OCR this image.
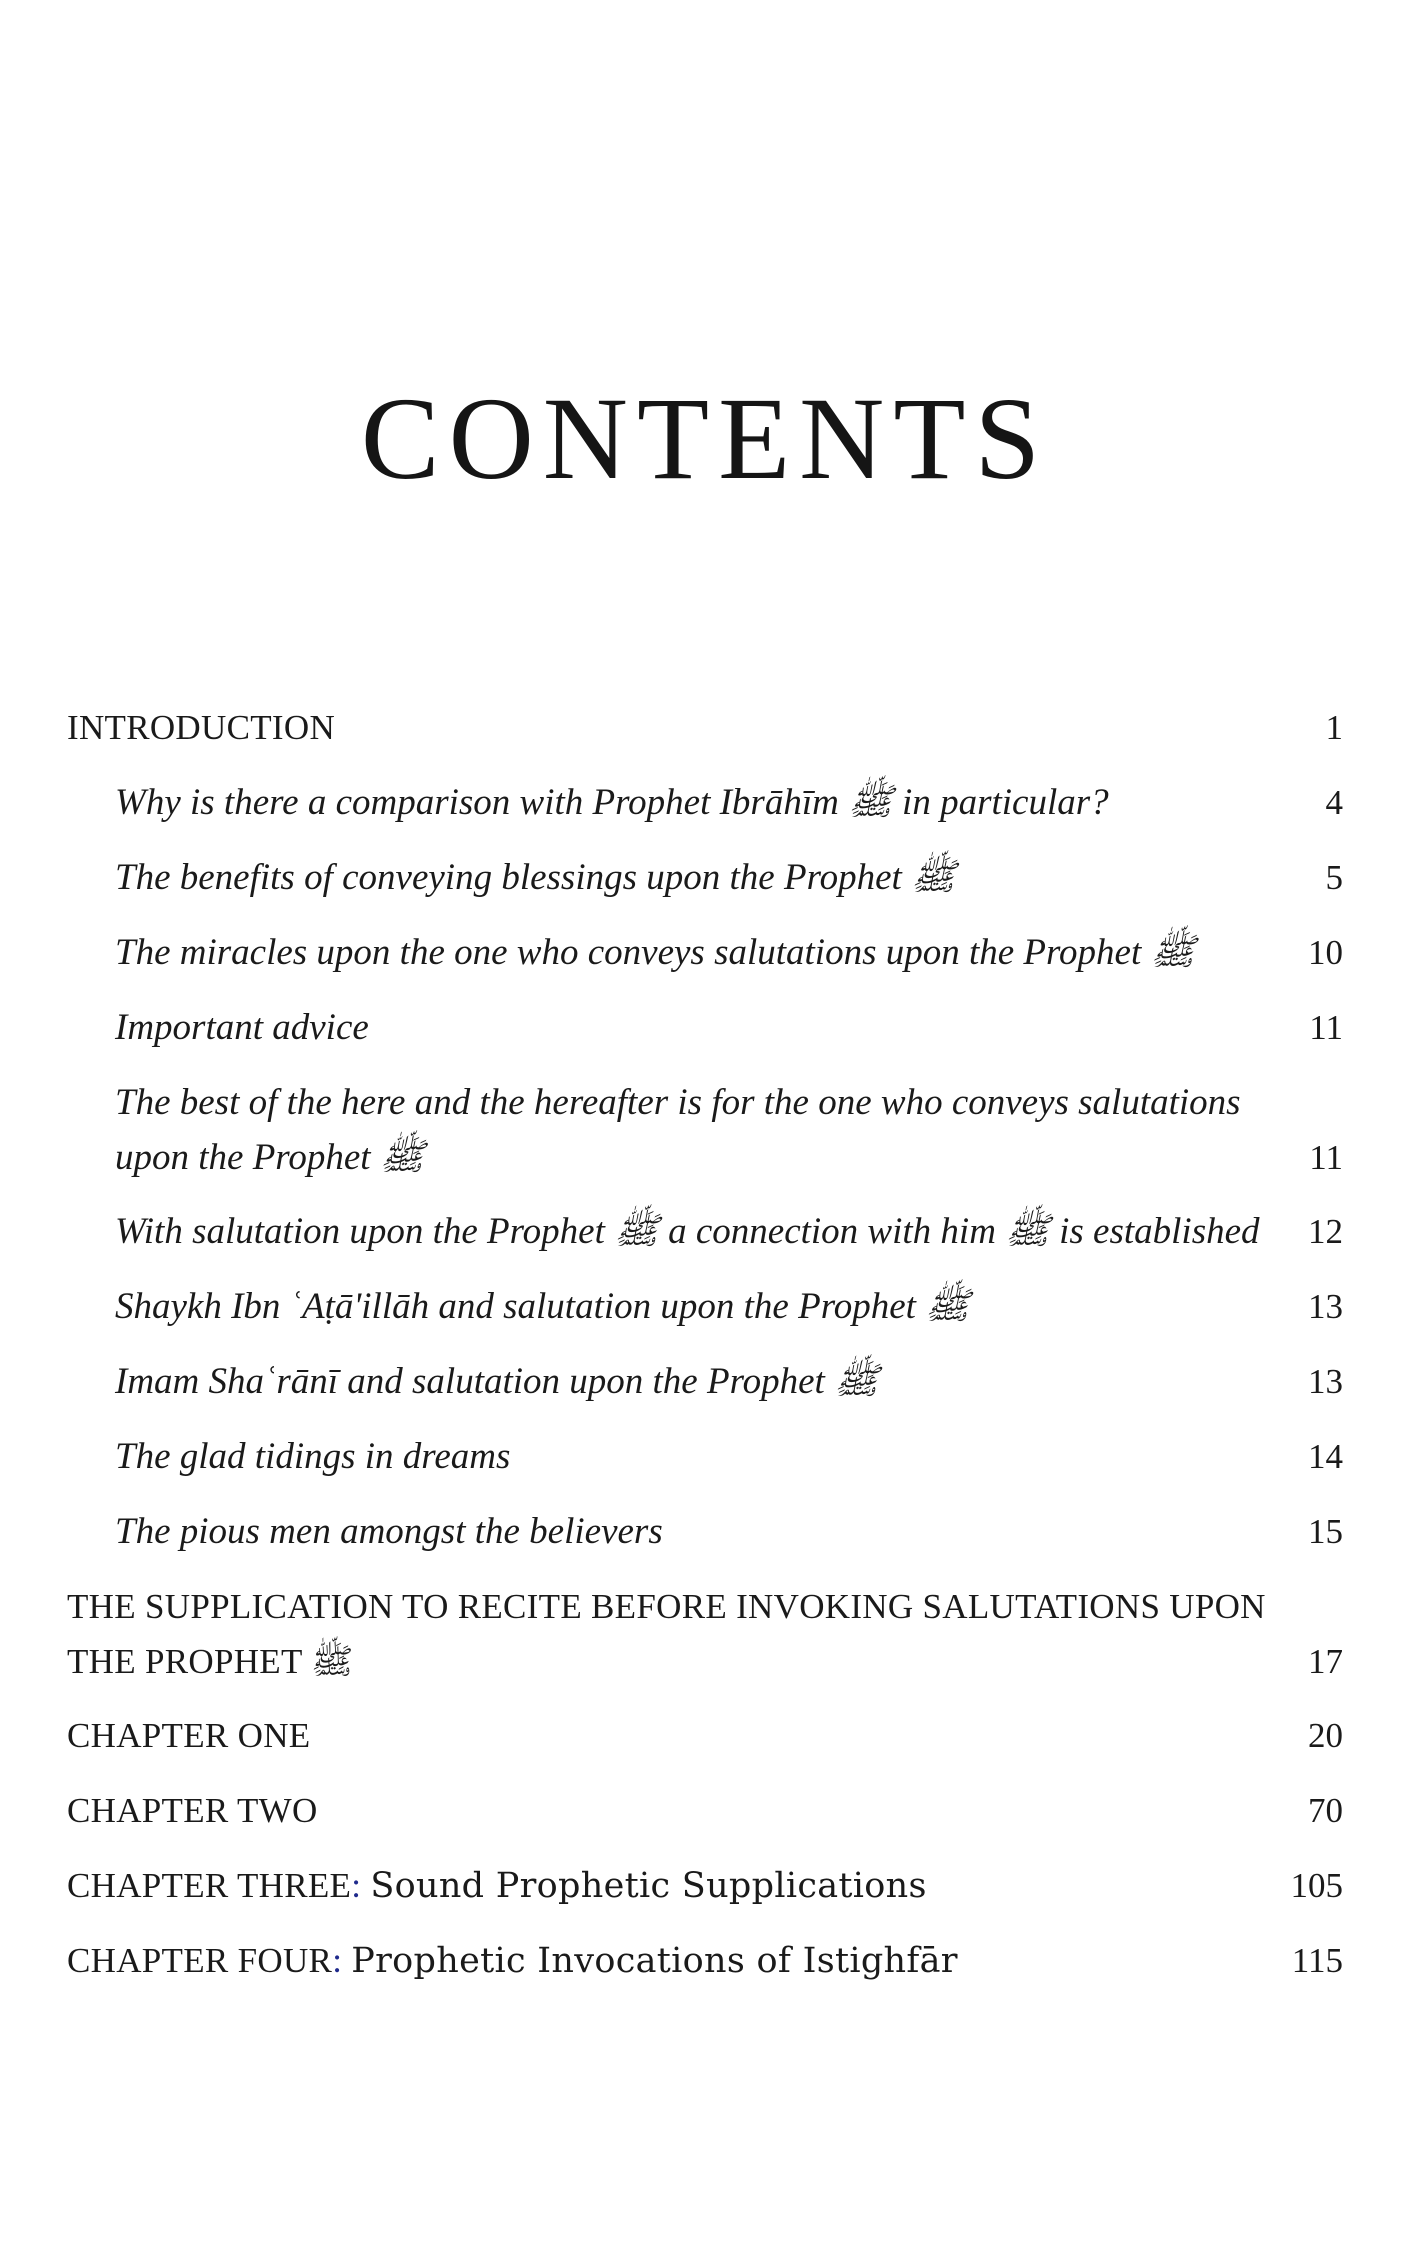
CONTENTS
INTRODUCTION	1
Why is there a comparison with Prophet Ibrāhīm ﷺ in particular?	4
The benefits of conveying blessings upon the Prophet ﷺ	5
The miracles upon the one who conveys salutations upon the Prophet ﷺ	10
Important advice	11
The best of the here and the hereafter is for the one who conveys salutations upon the Prophet ﷺ	11
With salutation upon the Prophet ﷺ a connection with him ﷺ is established	12
Shaykh Ibn ʿAṭā'illāh and salutation upon the Prophet ﷺ	13
Imam Shaʿrānī and salutation upon the Prophet ﷺ	13
The glad tidings in dreams	14
The pious men amongst the believers	15
THE SUPPLICATION TO RECITE BEFORE INVOKING SALUTATIONS UPON THE PROPHET ﷺ	17
CHAPTER ONE	20
CHAPTER TWO	70
CHAPTER THREE: Sound Prophetic Supplications	105
CHAPTER FOUR: Prophetic Invocations of Istighfār	115
